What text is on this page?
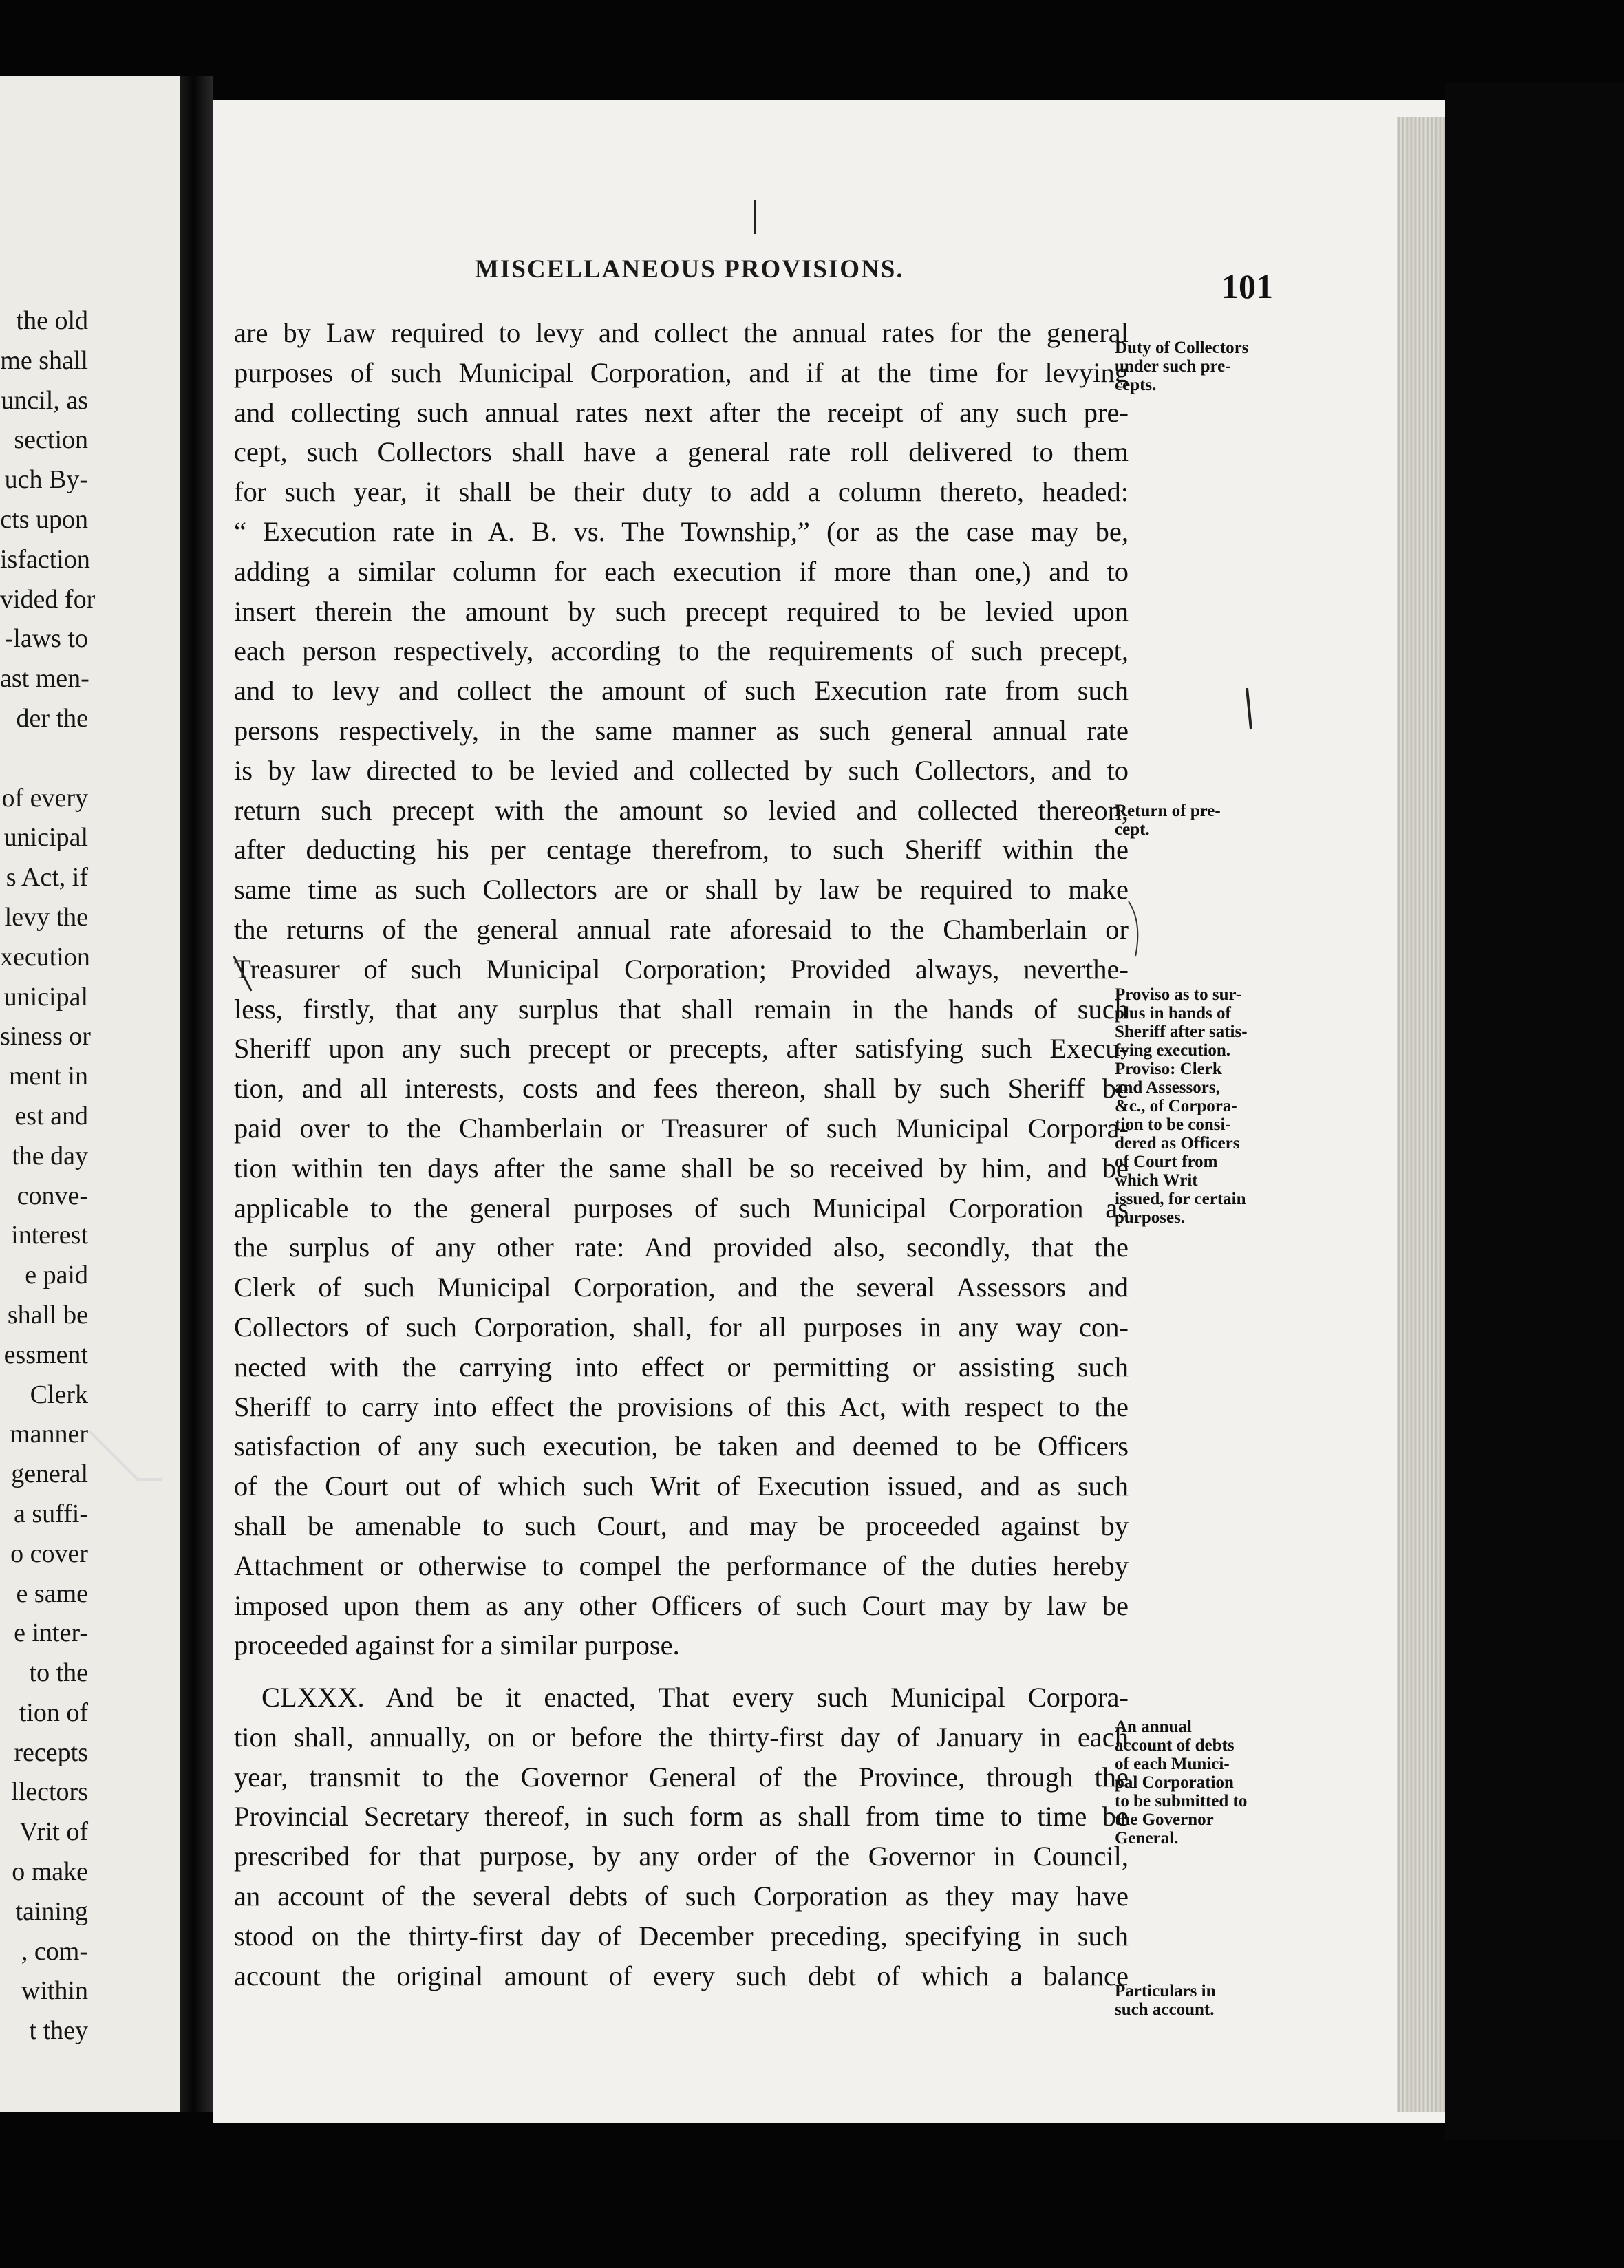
the old
me shall
uncil, as
section
uch By-
cts upon
isfaction
vided for
-laws to
ast men-
der the
of every
unicipal
s Act, if
levy the
xecution
unicipal
siness or
ment in
est and
the day
conve-
interest
e paid
shall be
essment
Clerk
manner
general
a suffi-
o cover
e same
e inter-
to the
tion of
recepts
llectors
Vrit of
o make
taining
, com-
within
t they
MISCELLANEOUS PROVISIONS.	101
are by Law required to levy and collect the annual rates for the general
purposes of such Municipal Corporation, and if at the time for levying
and collecting such annual rates next after the receipt of any such pre-
cept, such Collectors shall have a general rate roll delivered to them
for such year, it shall be their duty to add a column thereto, headed:
“ Execution rate in A. B. vs. The Township,” (or as the case may be,
adding a similar column for each execution if more than one,) and to
insert therein the amount by such precept required to be levied upon
each person respectively, according to the requirements of such precept,
and to levy and collect the amount of such Execution rate from such
persons respectively, in the same manner as such general annual rate
is by law directed to be levied and collected by such Collectors, and to
return such precept with the amount so levied and collected thereon,
after deducting his per centage therefrom, to such Sheriff within the
same time as such Collectors are or shall by law be required to make
the returns of the general annual rate aforesaid to the Chamberlain or
Treasurer of such Municipal Corporation; Provided always, neverthe-
less, firstly, that any surplus that shall remain in the hands of such
Sheriff upon any such precept or precepts, after satisfying such Execu-
tion, and all interests, costs and fees thereon, shall by such Sheriff be
paid over to the Chamberlain or Treasurer of such Municipal Corpora-
tion within ten days after the same shall be so received by him, and be
applicable to the general purposes of such Municipal Corporation as
the surplus of any other rate: And provided also, secondly, that the
Clerk of such Municipal Corporation, and the several Assessors and
Collectors of such Corporation, shall, for all purposes in any way con-
nected with the carrying into effect or permitting or assisting such
Sheriff to carry into effect the provisions of this Act, with respect to the
satisfaction of any such execution, be taken and deemed to be Officers
of the Court out of which such Writ of Execution issued, and as such
shall be amenable to such Court, and may be proceeded against by
Attachment or otherwise to compel the performance of the duties hereby
imposed upon them as any other Officers of such Court may by law be
proceeded against for a similar purpose.
CLXXX. And be it enacted, That every such Municipal Corpora-
tion shall, annually, on or before the thirty-first day of January in each
year, transmit to the Governor General of the Province, through the
Provincial Secretary thereof, in such form as shall from time to time be
prescribed for that purpose, by any order of the Governor in Council,
an account of the several debts of such Corporation as they may have
stood on the thirty-first day of December preceding, specifying in such
account the original amount of every such debt of which a balance
Duty of Collectors
under such pre-
cepts.
Return of pre-
cept.
Proviso as to sur-
plus in hands of
Sheriff after satis-
fying execution.
Proviso: Clerk
and Assessors,
&c., of Corpora-
tion to be consi-
dered as Officers
of Court from
which Writ
issued, for certain
purposes.
An annual
account of debts
of each Munici-
pal Corporation
to be submitted to
the Governor
General.
Particulars in
such account.
